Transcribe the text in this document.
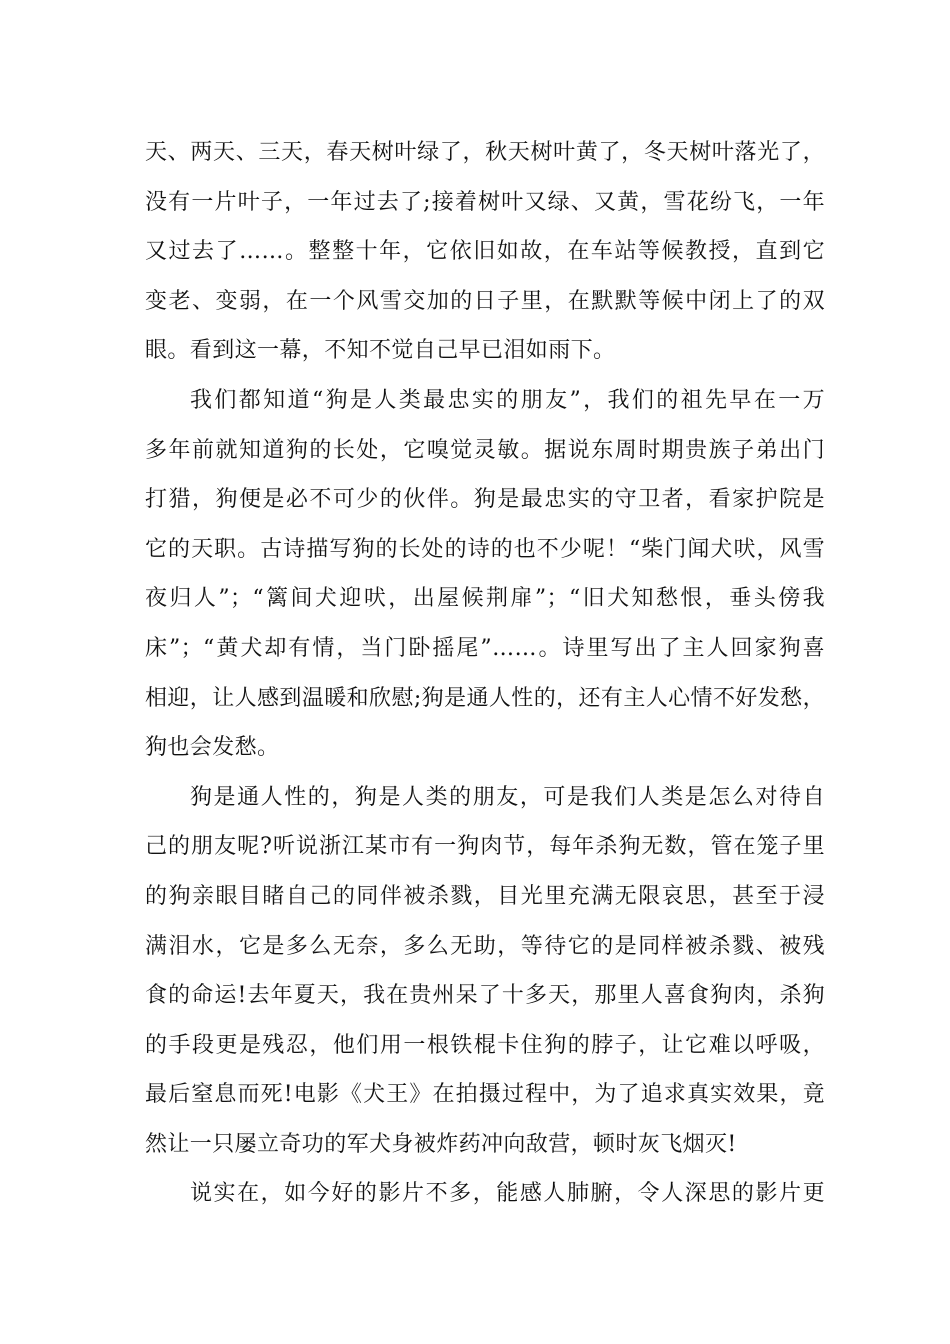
天、两天、三天，春天树叶绿了，秋天树叶黄了，冬天树叶落光了，
没有一片叶子，一年过去了;接着树叶又绿、又黄，雪花纷飞，一年
又过去了……。整整十年，它依旧如故，在车站等候教授，直到它
变老、变弱，在一个风雪交加的日子里，在默默等候中闭上了的双
眼。看到这一幕，不知不觉自己早已泪如雨下。
我们都知道“狗是人类最忠实的朋友”，我们的祖先早在一万
多年前就知道狗的长处，它嗅觉灵敏。据说东周时期贵族子弟出门
打猎，狗便是必不可少的伙伴。狗是最忠实的守卫者，看家护院是
它的天职。古诗描写狗的长处的诗的也不少呢！“柴门闻犬吠，风雪
夜归人”；“篱间犬迎吠，出屋候荆扉”；“旧犬知愁恨，垂头傍我
床”；“黄犬却有情，当门卧摇尾”……。诗里写出了主人回家狗喜
相迎，让人感到温暖和欣慰;狗是通人性的，还有主人心情不好发愁，
狗也会发愁。
狗是通人性的，狗是人类的朋友，可是我们人类是怎么对待自
己的朋友呢?听说浙江某市有一狗肉节，每年杀狗无数，管在笼子里
的狗亲眼目睹自己的同伴被杀戮，目光里充满无限哀思，甚至于浸
满泪水，它是多么无奈，多么无助，等待它的是同样被杀戮、被残
食的命运!去年夏天，我在贵州呆了十多天，那里人喜食狗肉，杀狗
的手段更是残忍，他们用一根铁棍卡住狗的脖子，让它难以呼吸，
最后窒息而死!电影《犬王》在拍摄过程中，为了追求真实效果，竟
然让一只屡立奇功的军犬身被炸药冲向敌营，顿时灰飞烟灭!
说实在，如今好的影片不多，能感人肺腑，令人深思的影片更
